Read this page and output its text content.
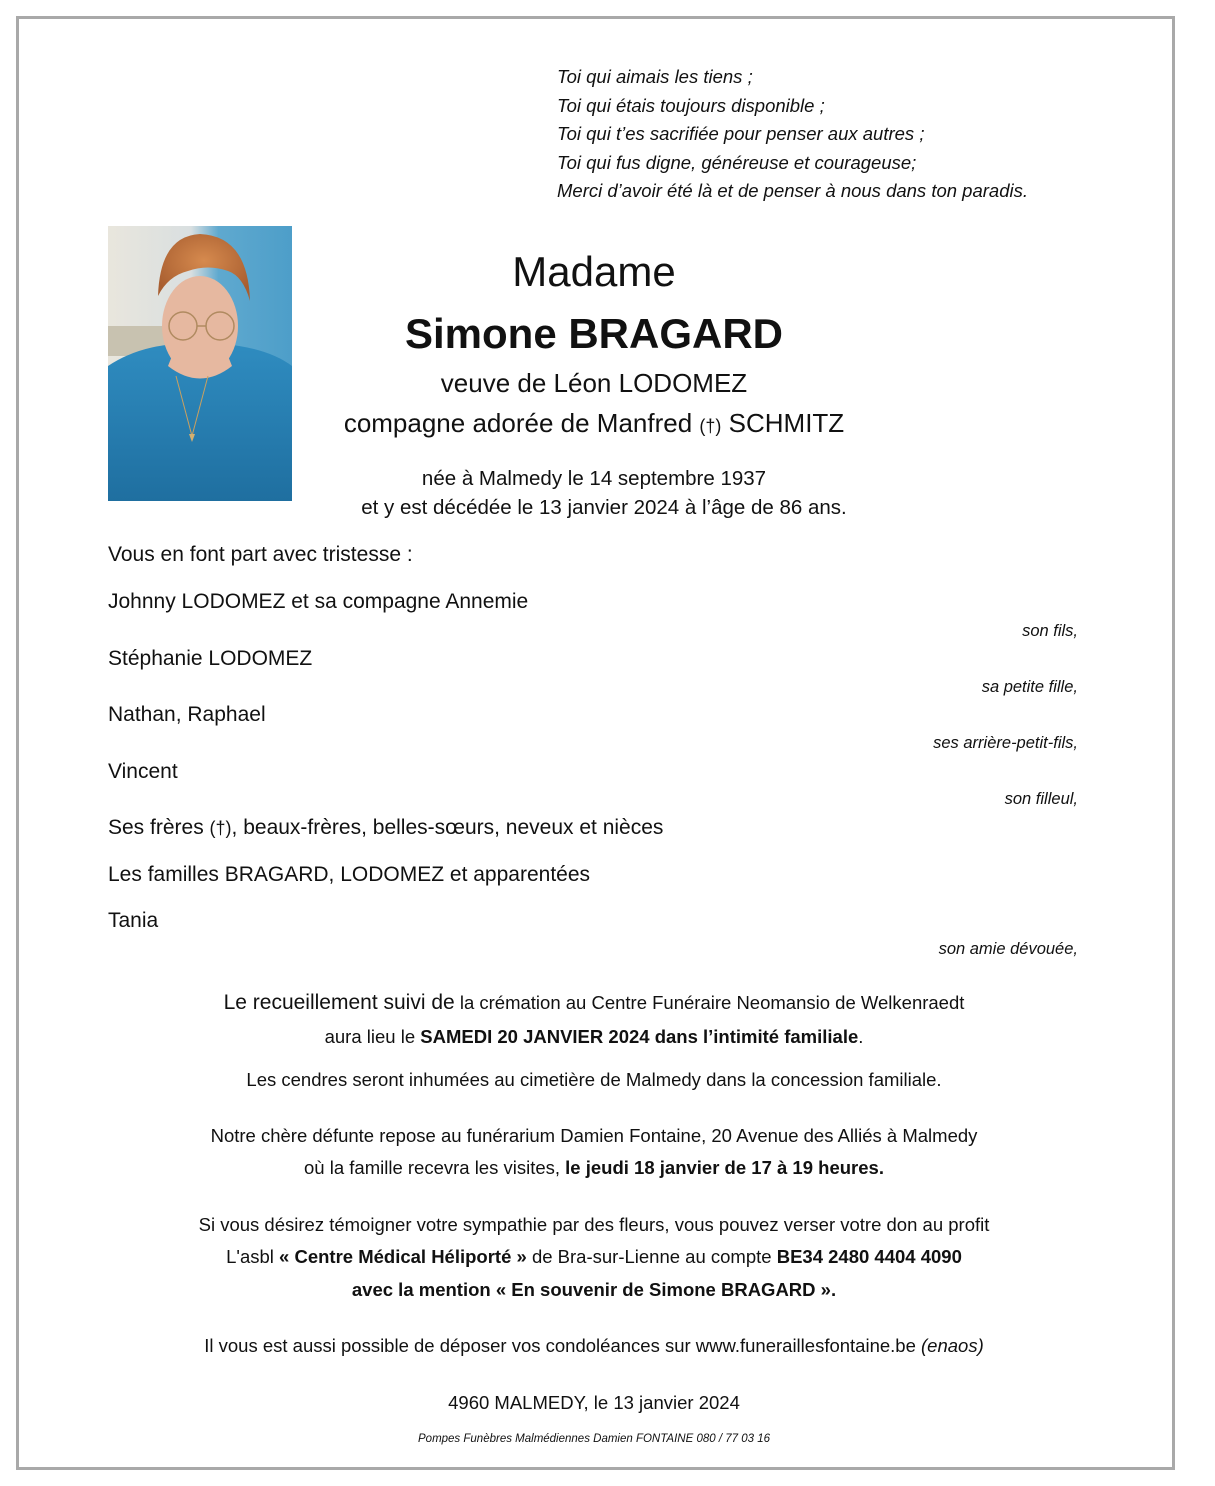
Toi qui aimais les tiens ;
Toi qui étais toujours disponible ;
Toi qui t’es sacrifiée pour penser aux autres ;
Toi qui fus digne, généreuse et courageuse;
Merci d’avoir été là et de penser à nous dans ton paradis.
Madame
Simone BRAGARD
veuve de Léon LODOMEZ
compagne adorée de Manfred (†) SCHMITZ
née à Malmedy le 14 septembre 1937
et y est décédée le 13 janvier 2024 à l’âge de 86 ans.
Vous en font part avec tristesse :
Johnny LODOMEZ et sa compagne Annemie
son fils,
Stéphanie LODOMEZ
sa petite fille,
Nathan, Raphael
ses arrière-petit-fils,
Vincent
son filleul,
Ses frères (†), beaux-frères, belles-sœurs, neveux et nièces
Les familles BRAGARD, LODOMEZ et apparentées
Tania
son amie dévouée,
Le recueillement suivi de la crémation au Centre Funéraire Neomansio de Welkenraedt
aura lieu le SAMEDI 20 JANVIER 2024 dans l’intimité familiale.
Les cendres seront inhumées au cimetière de Malmedy dans la concession familiale.
Notre chère défunte repose au funérarium Damien Fontaine, 20 Avenue des Alliés à Malmedy
où la famille recevra les visites, le jeudi 18 janvier de 17 à 19 heures.
Si vous désirez témoigner votre sympathie par des fleurs, vous pouvez verser votre don au profit
L'asbl « Centre Médical Héliporté » de Bra-sur-Lienne au compte BE34 2480 4404 4090
avec la mention « En souvenir de Simone BRAGARD ».
Il vous est aussi possible de déposer vos condoléances sur www.funeraillesfontaine.be (enaos)
4960 MALMEDY, le 13 janvier 2024
Pompes Funèbres Malmédiennes Damien FONTAINE 080 / 77 03 16
